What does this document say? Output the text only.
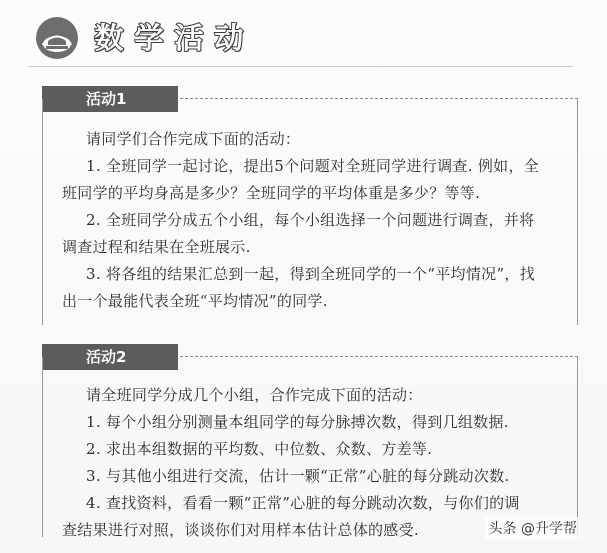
数 学 活 动
活动1
请同学们合作完成下面的活动：
1. 全班同学一起讨论，提出5个问题对全班同学进行调查. 例如，全
班同学的平均身高是多少？全班同学的平均体重是多少？等等.
2. 全班同学分成五个小组，每个小组选择一个问题进行调查，并将
调查过程和结果在全班展示.
3. 将各组的结果汇总到一起，得到全班同学的一个“平均情况”，找
出一个最能代表全班“平均情况”的同学.
活动2
请全班同学分成几个小组，合作完成下面的活动：
1. 每个小组分别测量本组同学的每分脉搏次数，得到几组数据.
2. 求出本组数据的平均数、中位数、众数、方差等.
3. 与其他小组进行交流，估计一颗“正常”心脏的每分跳动次数.
4. 查找资料，看看一颗“正常”心脏的每分跳动次数，与你们的调
查结果进行对照，谈谈你们对用样本估计总体的感受.	头条 @升学帮
